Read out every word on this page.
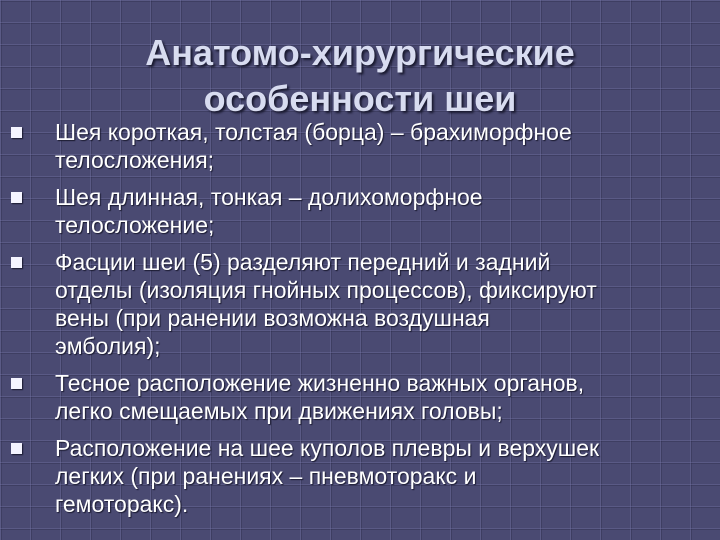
Анатомо-хирургические
особенности шеи
Шея короткая, толстая (борца) – брахиморфное
телосложения;
Шея длинная, тонкая – долихоморфное
телосложение;
Фасции шеи (5) разделяют передний и задний
отделы (изоляция гнойных процессов), фиксируют
вены (при ранении возможна воздушная
эмболия);
Тесное расположение жизненно важных органов,
легко смещаемых при движениях головы;
Расположение на шее куполов плевры и верхушек
легких (при ранениях – пневмоторакс и
гемоторакс).
